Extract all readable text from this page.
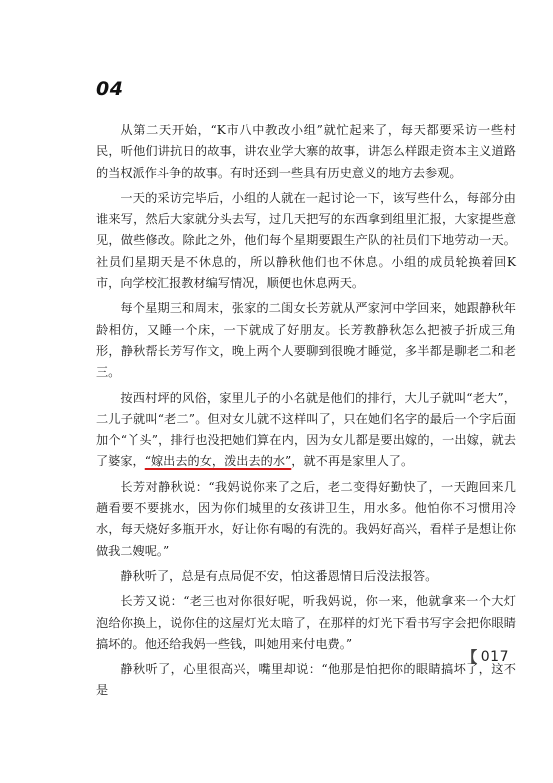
04

从第二天开始，“K市八中教改小组”就忙起来了，每天都要采访一些村民，听他们讲抗日的故事，讲农业学大寨的故事，讲怎么样跟走资本主义道路的当权派作斗争的故事。有时还到一些具有历史意义的地方去参观。

一天的采访完毕后，小组的人就在一起讨论一下，该写些什么，每部分由谁来写，然后大家就分头去写，过几天把写的东西拿到组里汇报，大家提些意见，做些修改。除此之外，他们每个星期要跟生产队的社员们下地劳动一天。社员们星期天是不休息的，所以静秋他们也不休息。小组的成员轮换着回K市，向学校汇报教材编写情况，顺便也休息两天。

每个星期三和周末，张家的二闺女长芳就从严家河中学回来，她跟静秋年龄相仿，又睡一个床，一下就成了好朋友。长芳教静秋怎么把被子折成三角形，静秋帮长芳写作文，晚上两个人要聊到很晚才睡觉，多半都是聊老二和老三。

按西村坪的风俗，家里儿子的小名就是他们的排行，大儿子就叫“老大”，二儿子就叫“老二”。但对女儿就不这样叫了，只在她们名字的最后一个字后面加个“丫头”，排行也没把她们算在内，因为女儿都是要出嫁的，一出嫁，就去了婆家，“嫁出去的女，泼出去的水”，就不再是家里人了。

长芳对静秋说：“我妈说你来了之后，老二变得好勤快了，一天跑回来几趟看要不要挑水，因为你们城里的女孩讲卫生，用水多。他怕你不习惯用冷水，每天烧好多瓶开水，好让你有喝的有洗的。我妈好高兴，看样子是想让你做我二嫂呢。”

静秋听了，总是有点局促不安，怕这番恩情日后没法报答。

长芳又说：“老三也对你很好呢，听我妈说，你一来，他就拿来一个大灯泡给你换上，说你住的这屋灯光太暗了，在那样的灯光下看书写字会把你眼睛搞坏的。他还给我妈一些钱，叫她用来付电费。”

静秋听了，心里很高兴，嘴里却说：“他那是怕把你的眼睛搞坏了，这不是

【 017
